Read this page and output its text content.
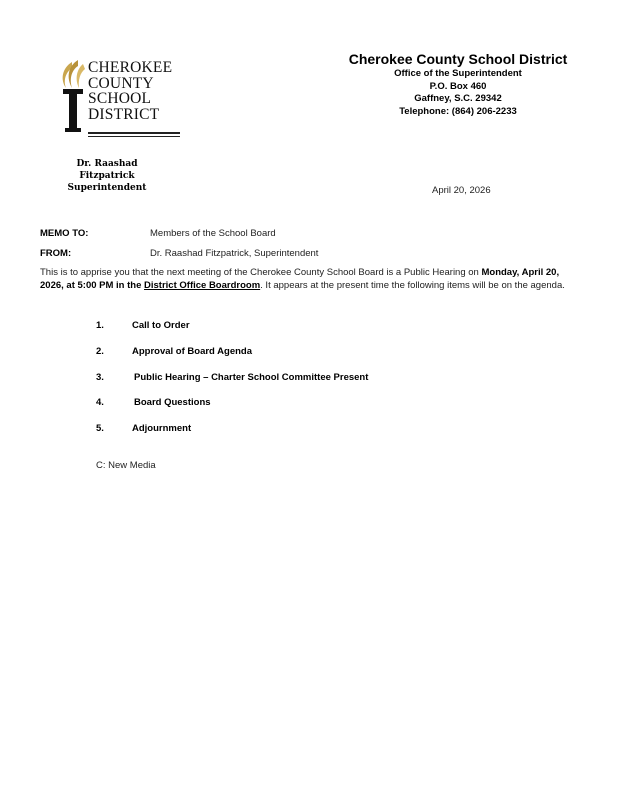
CHEROKEE
COUNTY
SCHOOL
DISTRICT
Dr. Raashad Fitzpatrick
Superintendent
Cherokee County School District
Office of the Superintendent
P.O. Box 460
Gaffney, S.C. 29342
Telephone: (864) 206-2233
April 20, 2026
MEMO TO:	Members of the School Board
FROM:	Dr. Raashad Fitzpatrick, Superintendent
This is to apprise you that the next meeting of the Cherokee County School Board is a Public Hearing on Monday, April 20, 2026, at 5:00 PM in the District Office Boardroom. It appears at the present time the following items will be on the agenda.
1.	Call to Order
2.	Approval of Board Agenda
3.	Public Hearing – Charter School Committee Present
4.	Board Questions
5.	Adjournment
C: New Media
